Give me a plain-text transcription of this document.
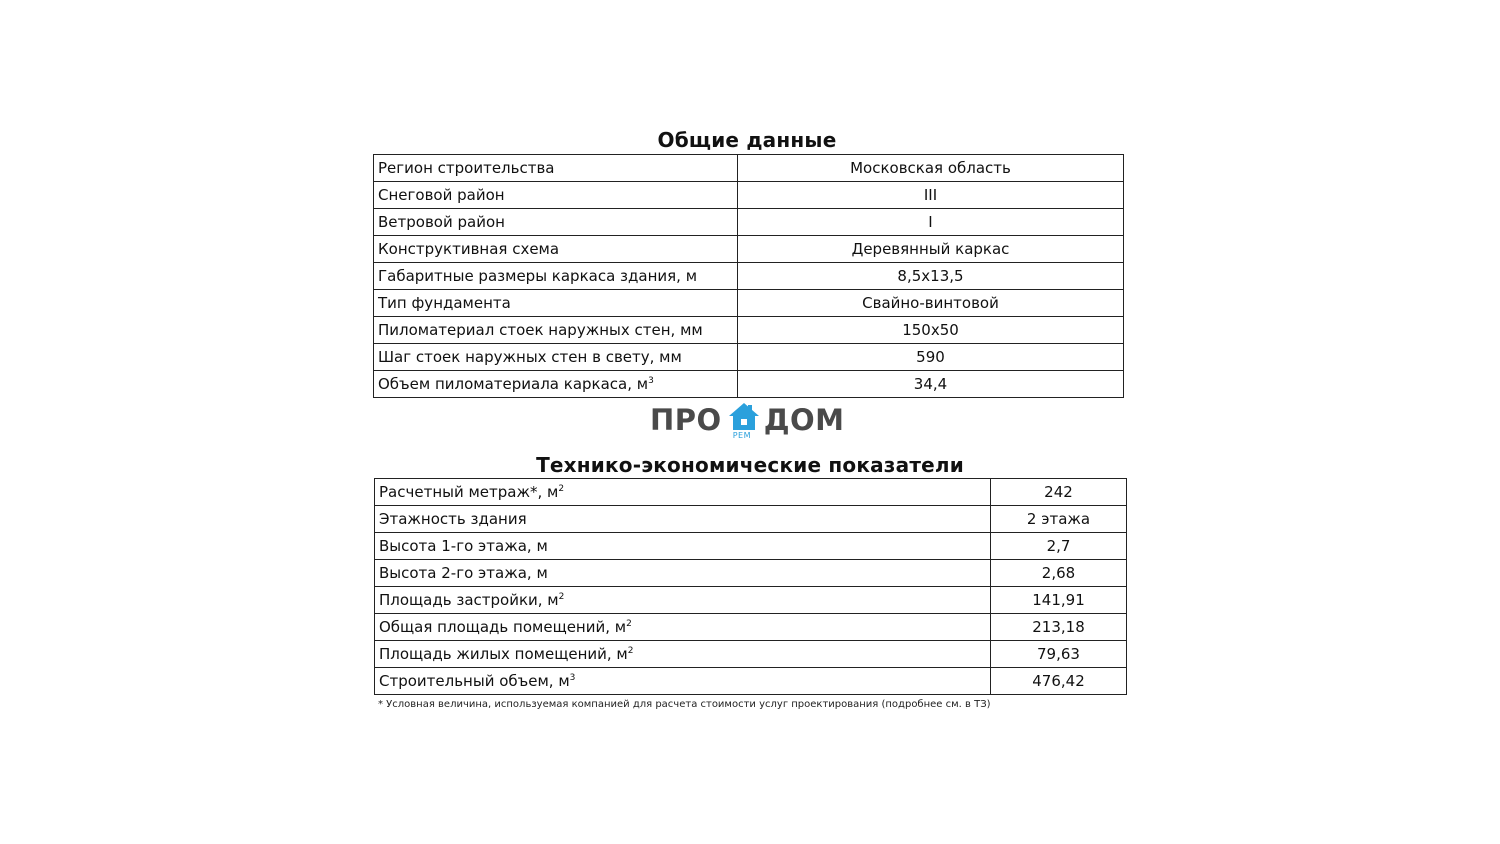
Общие данные
Регион строительства	Московская область
Снеговой район	III
Ветровой район	I
Конструктивная схема	Деревянный каркас
Габаритные размеры каркаса здания, м	8,5х13,5
Тип фундамента	Свайно-винтовой
Пиломатериал стоек наружных стен, мм	150х50
Шаг стоек наружных стен в свету, мм	590
Объем пиломатериала каркаса, $м^3$	34,4
ПРО РЕМ ДОМ
Технико-экономические показатели
Расчетный метраж*, $м^2$	242
Этажность здания	2 этажа
Высота 1-го этажа, м	2,7
Высота 2-го этажа, м	2,68
Площадь застройки, $м^2$	141,91
Общая площадь помещений, $м^2$	213,18
Площадь жилых помещений, $м^2$	79,63
Строительный объем, $м^3$	476,42
* Условная величина, используемая компанией для расчета стоимости услуг проектирования (подробнее см. в ТЗ)
